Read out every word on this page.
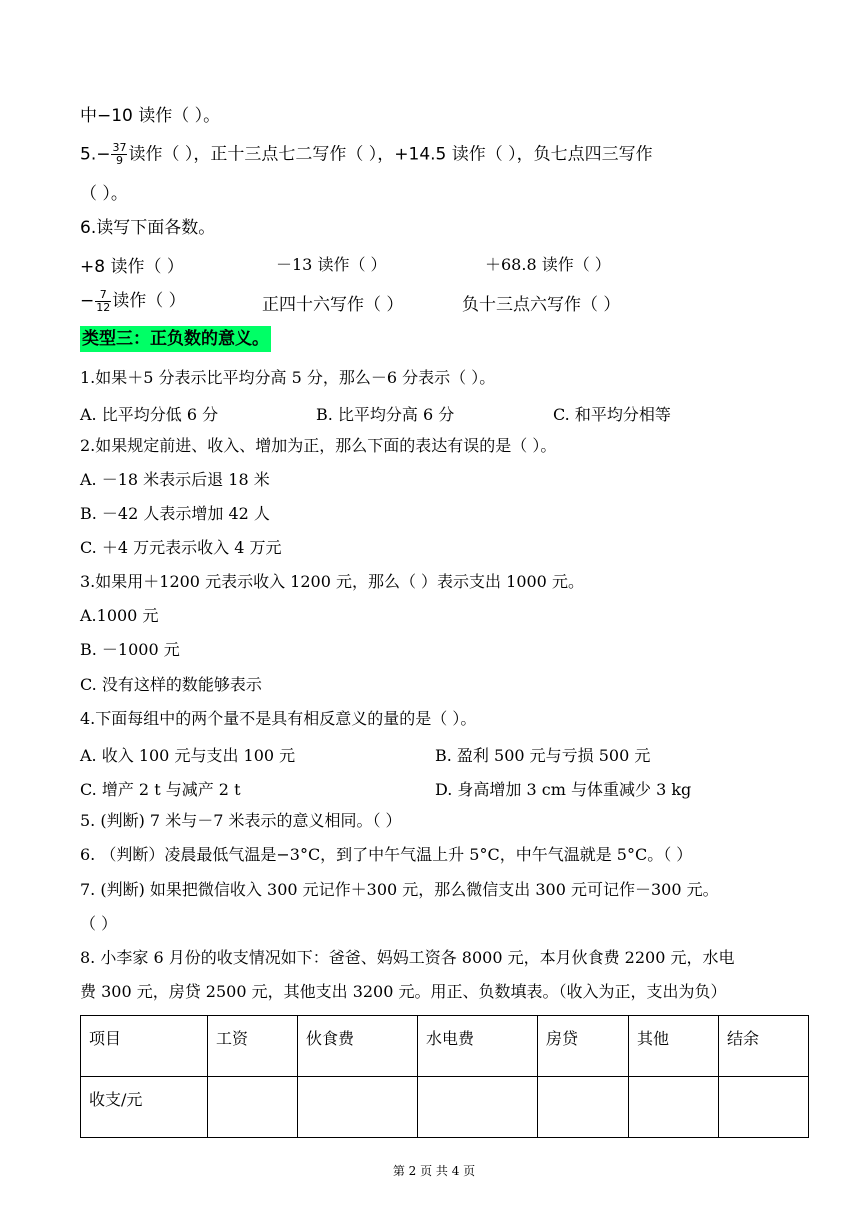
中−10 读作（ ）。
$5.- \frac{37}{9}$ 读作（ ），正十三点七二写作（ ），+14.5 读作（ ），负七点四三写作
（ ）。
6.读写下面各数。
+8 读作（ ）	－13 读作（ ）	＋68.8 读作（ ）
− $\frac{7}{12}$ 读作（ ）	正四十六写作（ ）	负十三点六写作（ ）
类型三：正负数的意义。
1.如果＋5 分表示比平均分高 5 分，那么－6 分表示（ ）。
A. 比平均分低 6 分	B. 比平均分高 6 分	C. 和平均分相等
2.如果规定前进、收入、增加为正，那么下面的表达有误的是（ ）。
A. －18 米表示后退 18 米
B. －42 人表示增加 42 人
C. ＋4 万元表示收入 4 万元
3.如果用＋1200 元表示收入 1200 元，那么（ ）表示支出 1000 元。
A.1000 元
B. －1000 元
C. 没有这样的数能够表示
4.下面每组中的两个量不是具有相反意义的量的是（ ）。
A. 收入 100 元与支出 100 元	B. 盈利 500 元与亏损 500 元
C. 增产 2 t 与减产 2 t	D. 身高增加 3 cm 与体重减少 3 kg
5. (判断) 7 米与－7 米表示的意义相同。（ ）
6. （判断）凌晨最低气温是−3°C，到了中午气温上升 5°C，中午气温就是 5°C。（ ）
7. (判断) 如果把微信收入 300 元记作＋300 元，那么微信支出 300 元可记作－300 元。
（ ）
8. 小李家 6 月份的收支情况如下：爸爸、妈妈工资各 8000 元，本月伙食费 2200 元，水电
费 300 元，房贷 2500 元，其他支出 3200 元。用正、负数填表。（收入为正，支出为负）
项目	工资	伙食费	水电费	房贷	其他	结余
收支/元						
第 2 页 共 4 页
